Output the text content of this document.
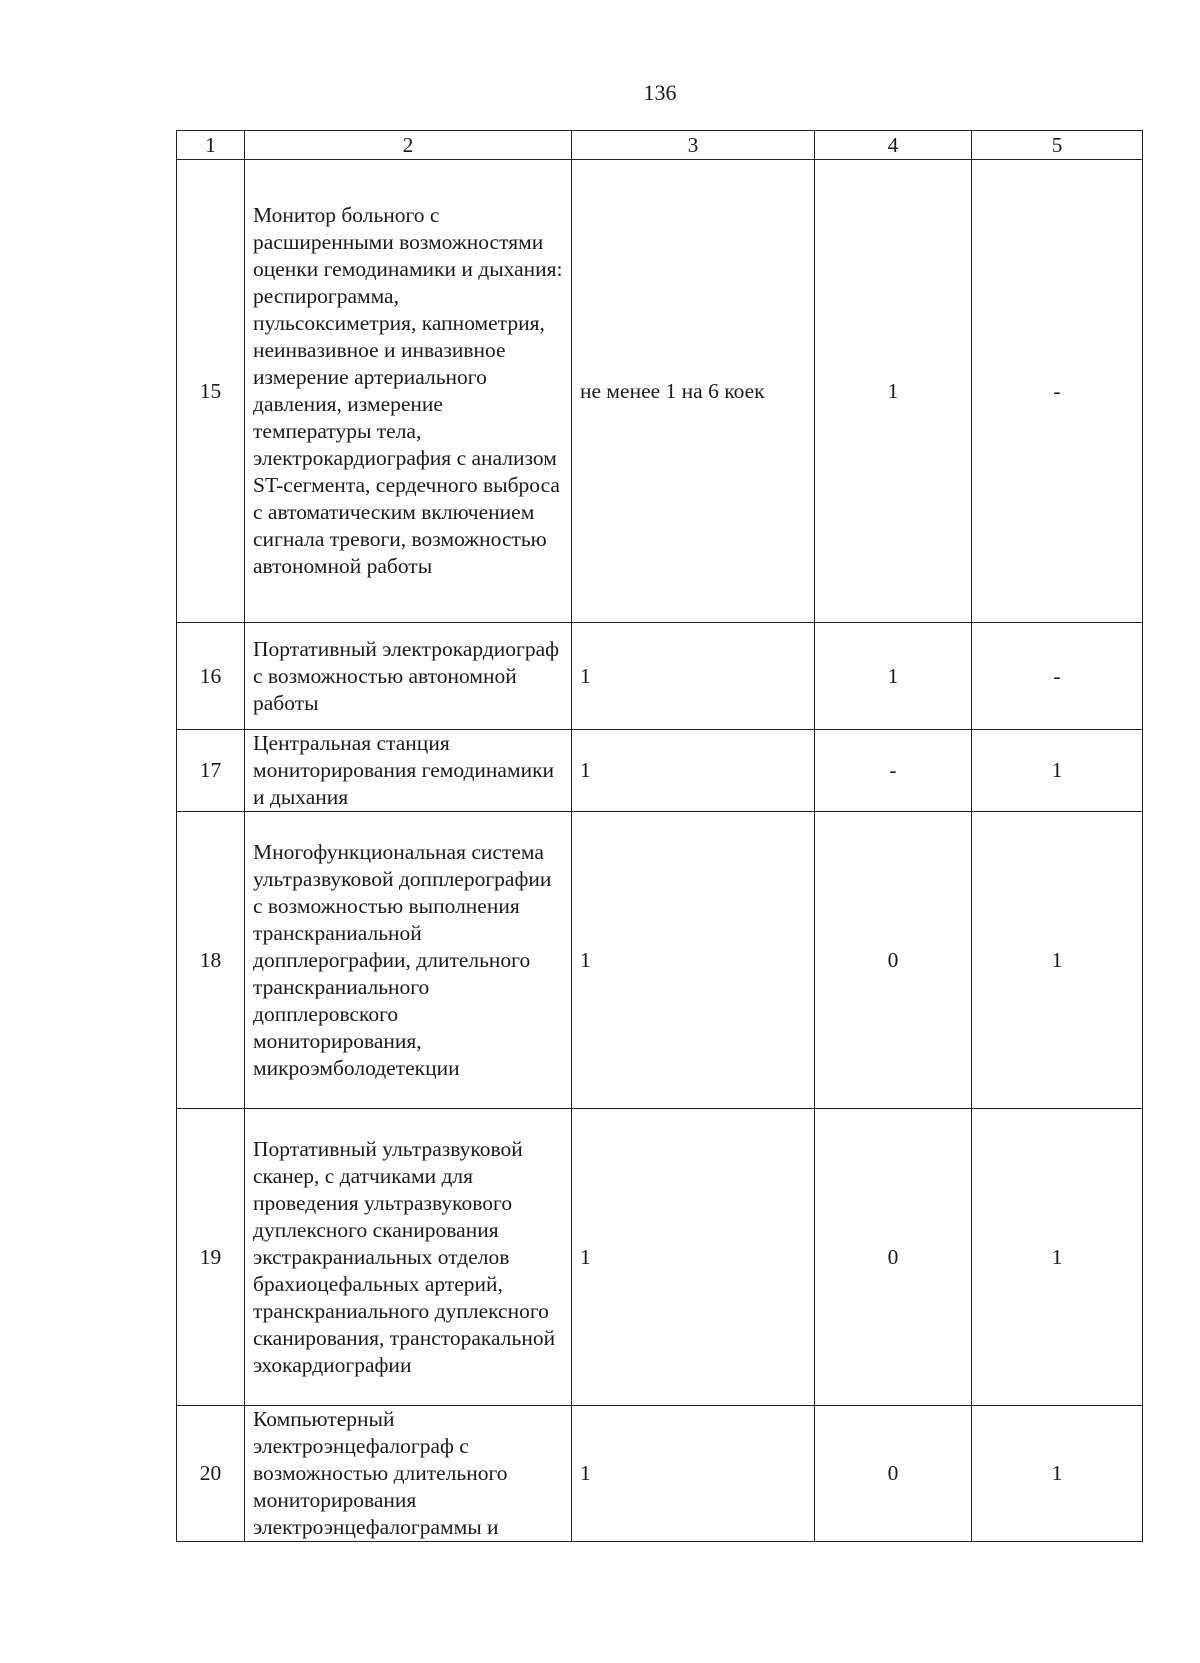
136
1	2	3	4	5
15	Монитор больного с расширенными возможностями оценки гемодинамики и дыхания: респирограмма, пульсоксиметрия, капнометрия, неинвазивное и инвазивное измерение артериального давления, измерение температуры тела, электрокардиография с анализом ST-сегмента, сердечного выброса с автоматическим включением сигнала тревоги, возможностью автономной работы	не менее 1 на 6 коек	1	-
16	Портативный электрокардиограф с возможностью автономной работы	1	1	-
17	Центральная станция мониторирования гемодинамики и дыхания	1	-	1
18	Многофункциональная система ультразвуковой допплерографии с возможностью выполнения транскраниальной допплерографии, длительного транскраниального допплеровского мониторирования, микроэмболодетекции	1	0	1
19	Портативный ультразвуковой сканер, с датчиками для проведения ультразвукового дуплексного сканирования экстракраниальных отделов брахиоцефальных артерий, транскраниального дуплексного сканирования, трансторакальной эхокардиографии	1	0	1
20	Компьютерный электроэнцефалограф с возможностью длительного мониторирования электроэнцефалограммы и	1	0	1
